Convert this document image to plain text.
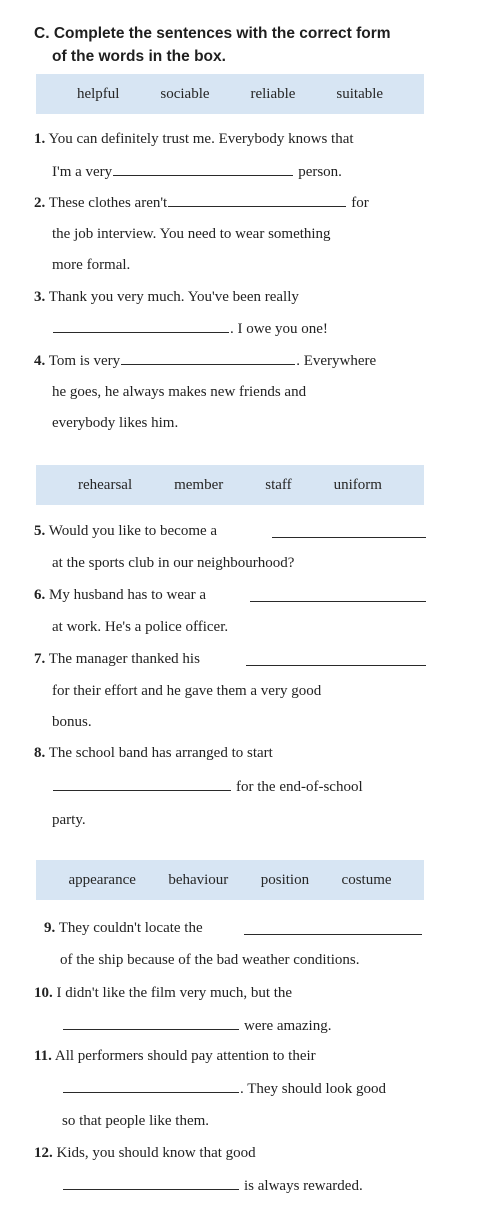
C. Complete the sentences with the correct form
of the words in the box.
helpful	sociable	reliable	suitable
1. You can definitely trust me. Everybody knows that
I'm a very	person.
2. These clothes aren't	for
the job interview. You need to wear something
more formal.
3. Thank you very much. You've been really
. I owe you one!
4. Tom is very	. Everywhere
he goes, he always makes new friends and
everybody likes him.
rehearsal	member	staff	uniform
5. Would you like to become a
at the sports club in our neighbourhood?
6. My husband has to wear a
at work. He's a police officer.
7. The manager thanked his
for their effort and he gave them a very good
bonus.
8. The school band has arranged to start
for the end-of-school
party.
appearance behaviour position costume
9. They couldn't locate the
of the ship because of the bad weather conditions.
10. I didn't like the film very much, but the
were amazing.
11. All performers should pay attention to their
. They should look good
so that people like them.
12. Kids, you should know that good
is always rewarded.
